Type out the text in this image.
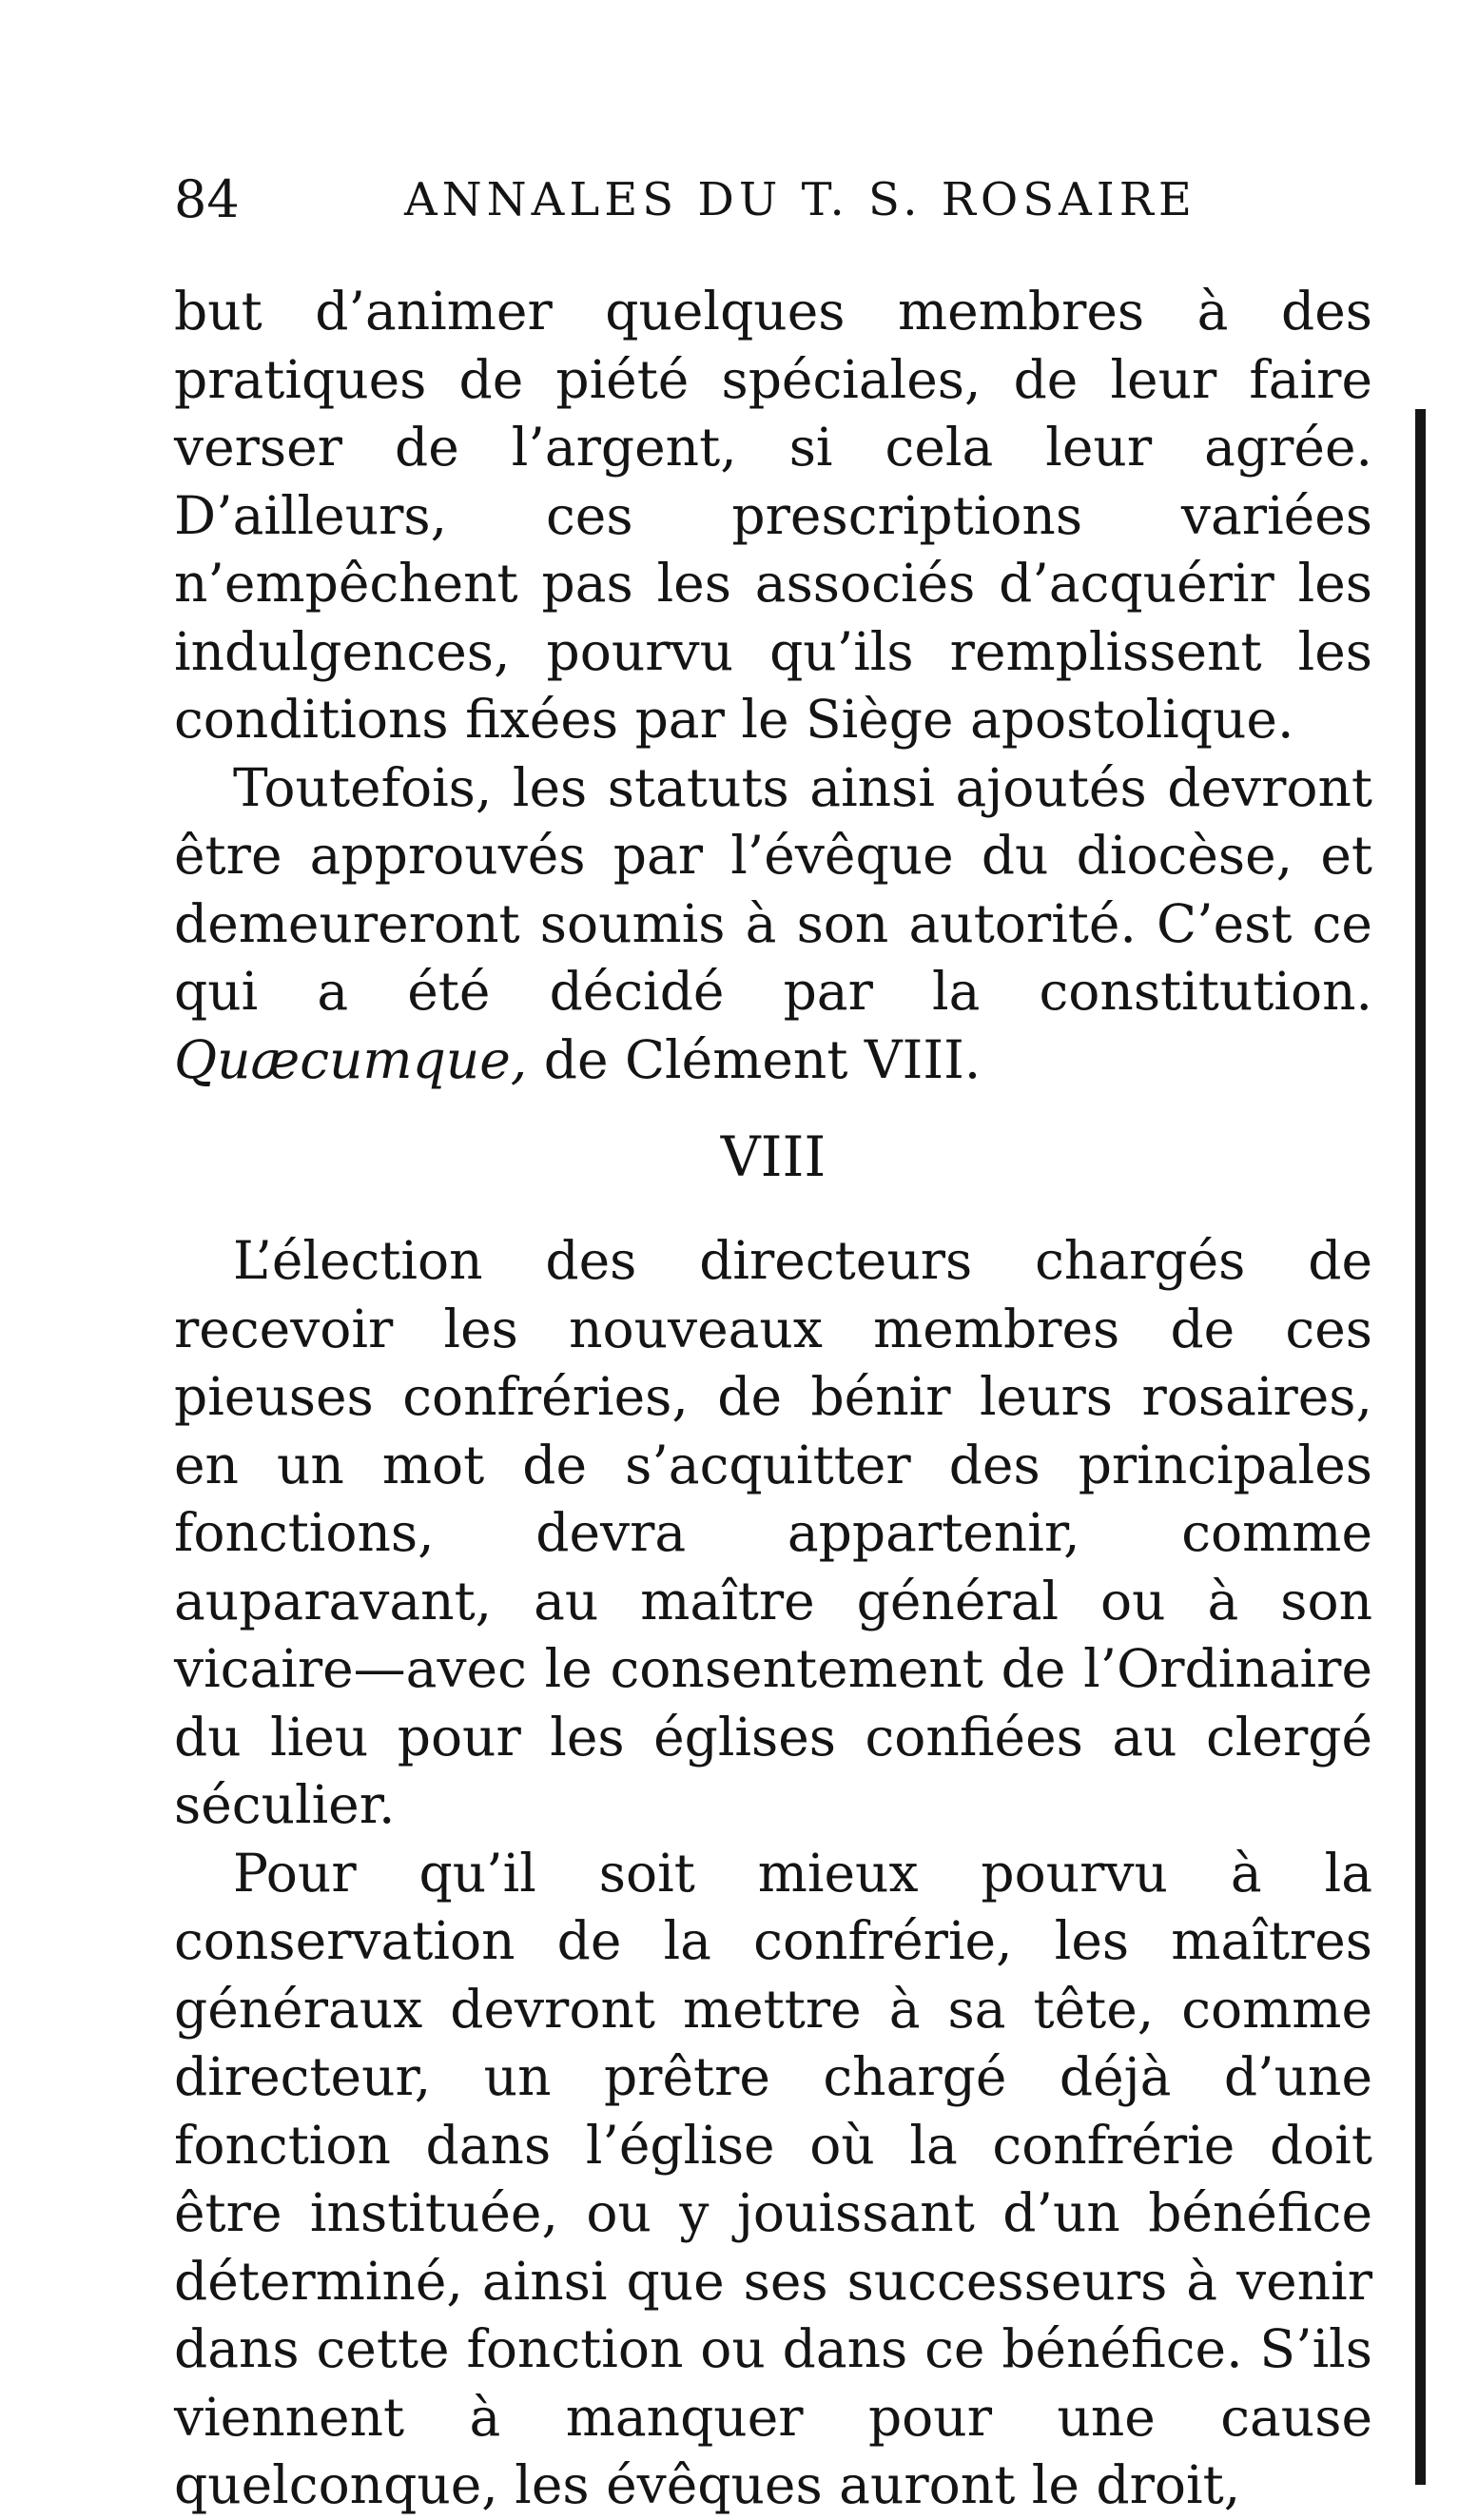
84	ANNALES DU T. S. ROSAIRE

but d’animer quelques membres à des pratiques de piété spéciales, de leur faire verser de l’argent, si cela leur agrée. D’ailleurs, ces prescriptions variées n’empêchent pas les associés d’acquérir les indulgences, pourvu qu’ils remplissent les conditions fixées par le Siège apostolique.

Toutefois, les statuts ainsi ajoutés devront être approuvés par l’évêque du diocèse, et demeureront soumis à son autorité. C’est ce qui a été décidé par la constitution. Quæcumque, de Clément VIII.

VIII

L’élection des directeurs chargés de recevoir les nouveaux membres de ces pieuses confréries, de bénir leurs rosaires, en un mot de s’acquitter des principales fonctions, devra appartenir, comme auparavant, au maître général ou à son vicaire—avec le consentement de l’Ordinaire du lieu pour les églises confiées au clergé séculier.

Pour qu’il soit mieux pourvu à la conservation de la confrérie, les maîtres généraux devront mettre à sa tête, comme directeur, un prêtre chargé déjà d’une fonction dans l’église où la confrérie doit être instituée, ou y jouissant d’un bénéfice déterminé, ainsi que ses successeurs à venir dans cette fonction ou dans ce bénéfice. S’ils viennent à manquer pour une cause quelconque, les évêques auront le droit,
